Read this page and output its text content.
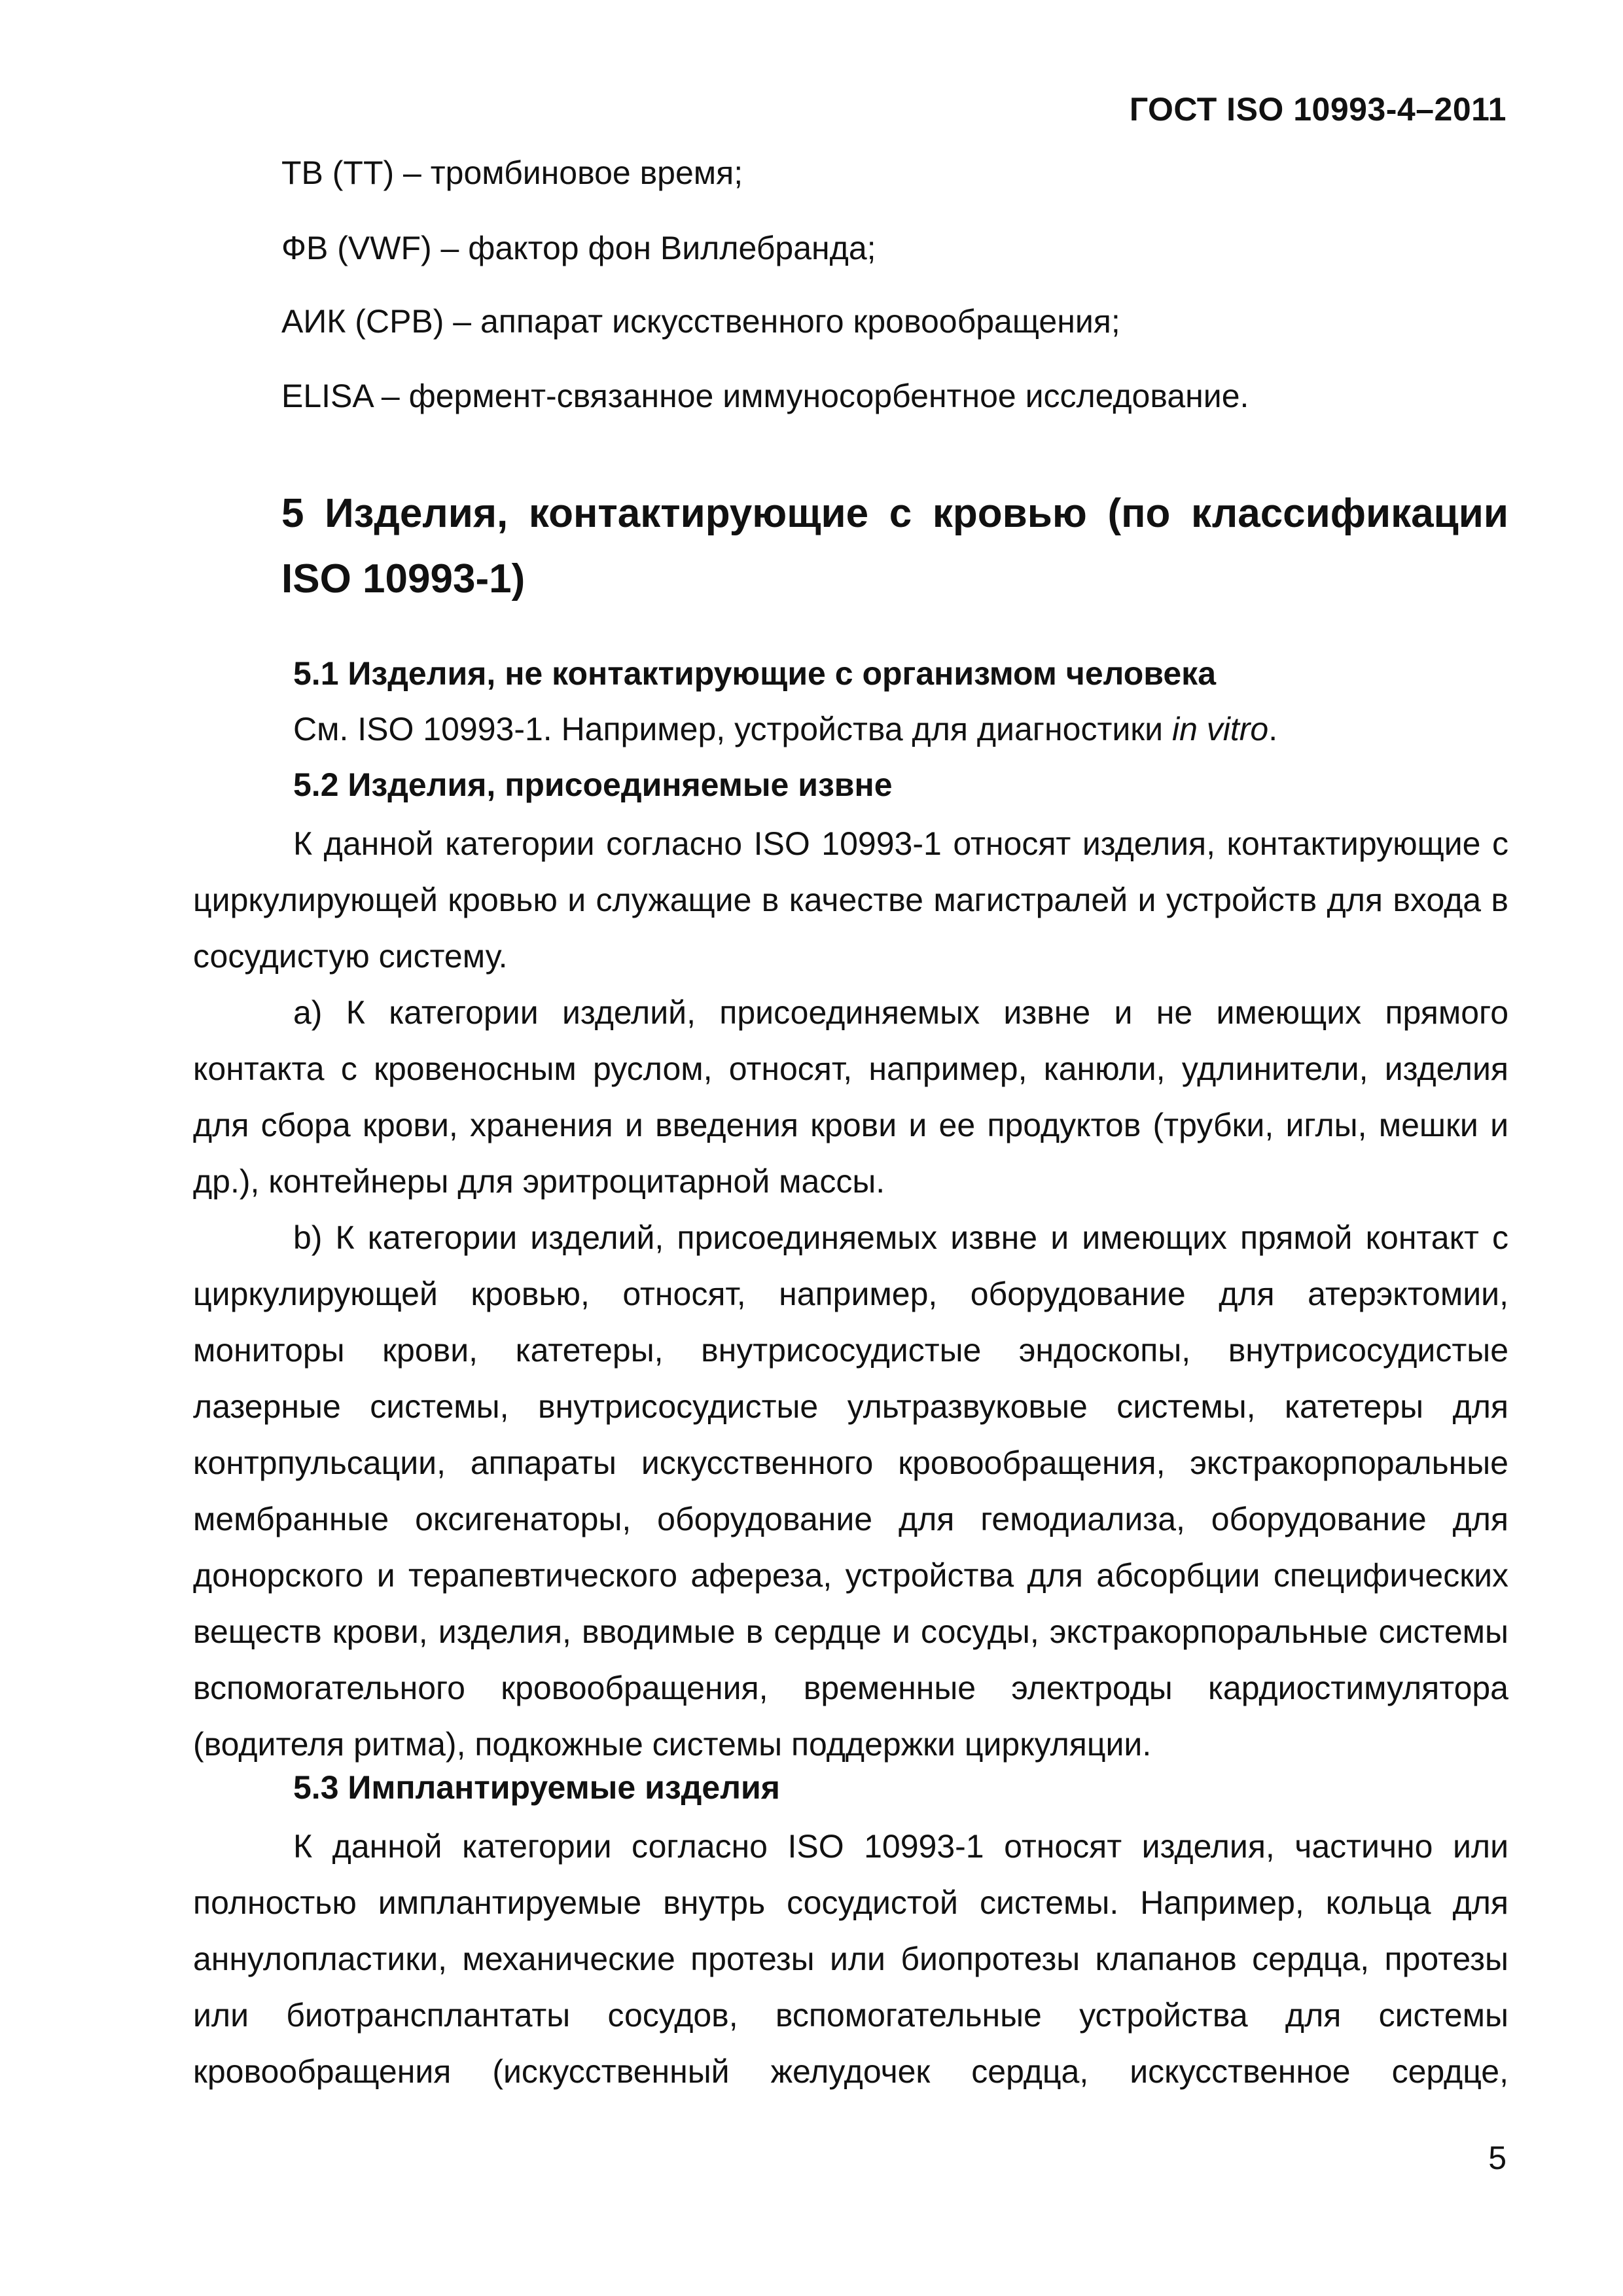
ГОСТ ISO 10993-4–2011
ТВ (ТТ) – тромбиновое время;
ФВ (VWF) – фактор фон Виллебранда;
АИК (СРВ) – аппарат искусственного кровообращения;
ELISA – фермент-связанное иммуносорбентное исследование.
5 Изделия, контактирующие с кровью (по классификации ISO 10993-1)
5.1 Изделия, не контактирующие с организмом человека
См. ISO 10993-1. Например, устройства для диагностики in vitro.
5.2 Изделия, присоединяемые извне
К данной категории согласно ISO 10993-1 относят изделия, контактирующие с
циркулирующей кровью и служащие в качестве магистралей и устройств для входа в
сосудистую систему.
a) К категории изделий, присоединяемых извне и не имеющих прямого
контакта с кровеносным руслом, относят, например, канюли, удлинители, изделия
для сбора крови, хранения и введения крови и ее продуктов (трубки, иглы, мешки и
др.), контейнеры для эритроцитарной массы.
b) К категории изделий, присоединяемых извне и имеющих прямой контакт с
циркулирующей кровью, относят, например, оборудование для атерэктомии,
мониторы крови, катетеры, внутрисосудистые эндоскопы, внутрисосудистые
лазерные системы, внутрисосудистые ультразвуковые системы, катетеры для
контрпульсации, аппараты искусственного кровообращения, экстракорпоральные
мембранные оксигенаторы, оборудование для гемодиализа, оборудование для
донорского и терапевтического афереза, устройства для абсорбции специфических
веществ крови, изделия, вводимые в сердце и сосуды, экстракорпоральные системы
вспомогательного кровообращения, временные электроды кардиостимулятора
(водителя ритма), подкожные системы поддержки циркуляции.
5.3 Имплантируемые изделия
К данной категории согласно ISO 10993-1 относят изделия, частично или
полностью имплантируемые внутрь сосудистой системы. Например, кольца для
аннулопластики, механические протезы или биопротезы клапанов сердца, протезы
или биотрансплантаты сосудов, вспомогательные устройства для системы
кровообращения (искусственный желудочек сердца, искусственное сердце,
5
